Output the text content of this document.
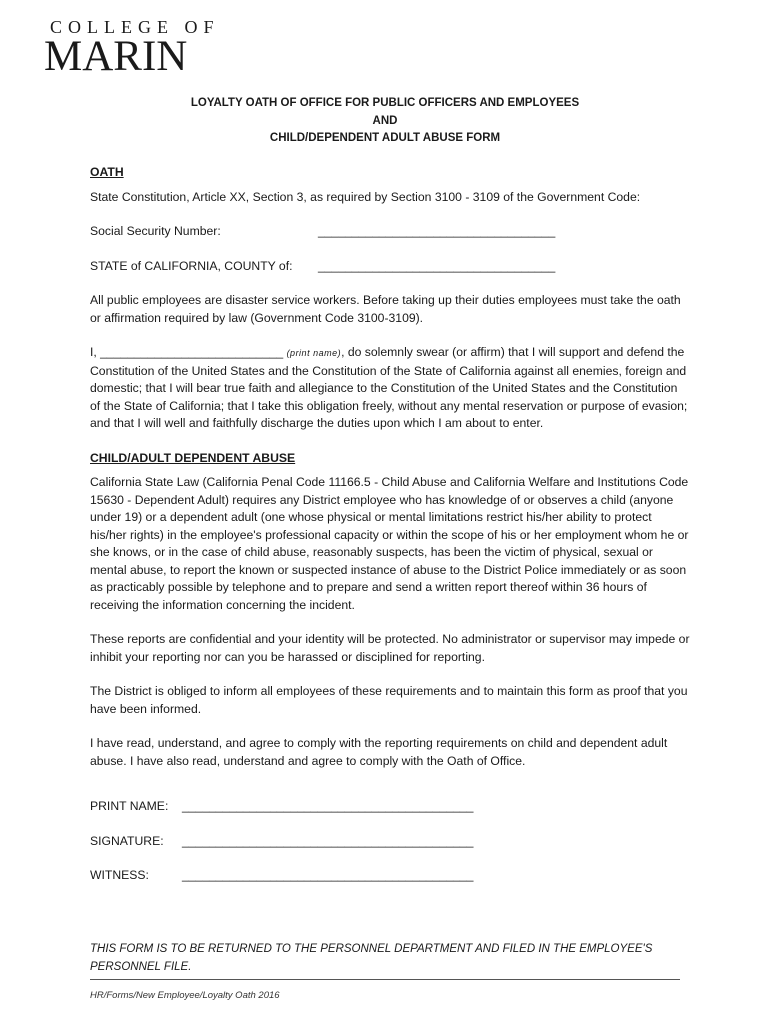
COLLEGE OF
MARIN
LOYALTY OATH OF OFFICE FOR PUBLIC OFFICERS AND EMPLOYEES
AND
CHILD/DEPENDENT ADULT ABUSE FORM

OATH

State Constitution, Article XX, Section 3, as required by Section 3100 - 3109 of the Government Code:

Social Security Number:	___________________________________
STATE of CALIFORNIA, COUNTY of:	___________________________________

All public employees are disaster service workers. Before taking up their duties employees must take the oath or affirmation required by law (Government Code 3100-3109).

I, ___________________________ (print name), do solemnly swear (or affirm) that I will support and defend the Constitution of the United States and the Constitution of the State of California against all enemies, foreign and domestic; that I will bear true faith and allegiance to the Constitution of the United States and the Constitution of the State of California; that I take this obligation freely, without any mental reservation or purpose of evasion; and that I will well and faithfully discharge the duties upon which I am about to enter.

CHILD/ADULT DEPENDENT ABUSE

California State Law (California Penal Code 11166.5 - Child Abuse and California Welfare and Institutions Code 15630 - Dependent Adult) requires any District employee who has knowledge of or observes a child (anyone under 19) or a dependent adult (one whose physical or mental limitations restrict his/her ability to protect his/her rights) in the employee's professional capacity or within the scope of his or her employment whom he or she knows, or in the case of child abuse, reasonably suspects, has been the victim of physical, sexual or mental abuse, to report the known or suspected instance of abuse to the District Police immediately or as soon as practicably possible by telephone and to prepare and send a written report thereof within 36 hours of receiving the information concerning the incident.

These reports are confidential and your identity will be protected. No administrator or supervisor may impede or inhibit your reporting nor can you be harassed or disciplined for reporting.

The District is obliged to inform all employees of these requirements and to maintain this form as proof that you have been informed.

I have read, understand, and agree to comply with the reporting requirements on child and dependent adult abuse. I have also read, understand and agree to comply with the Oath of Office.

PRINT NAME:	___________________________________________
SIGNATURE:	___________________________________________
WITNESS:	___________________________________________
THIS FORM IS TO BE RETURNED TO THE PERSONNEL DEPARTMENT AND FILED IN THE EMPLOYEE'S PERSONNEL FILE.
HR/Forms/New Employee/Loyalty Oath 2016
